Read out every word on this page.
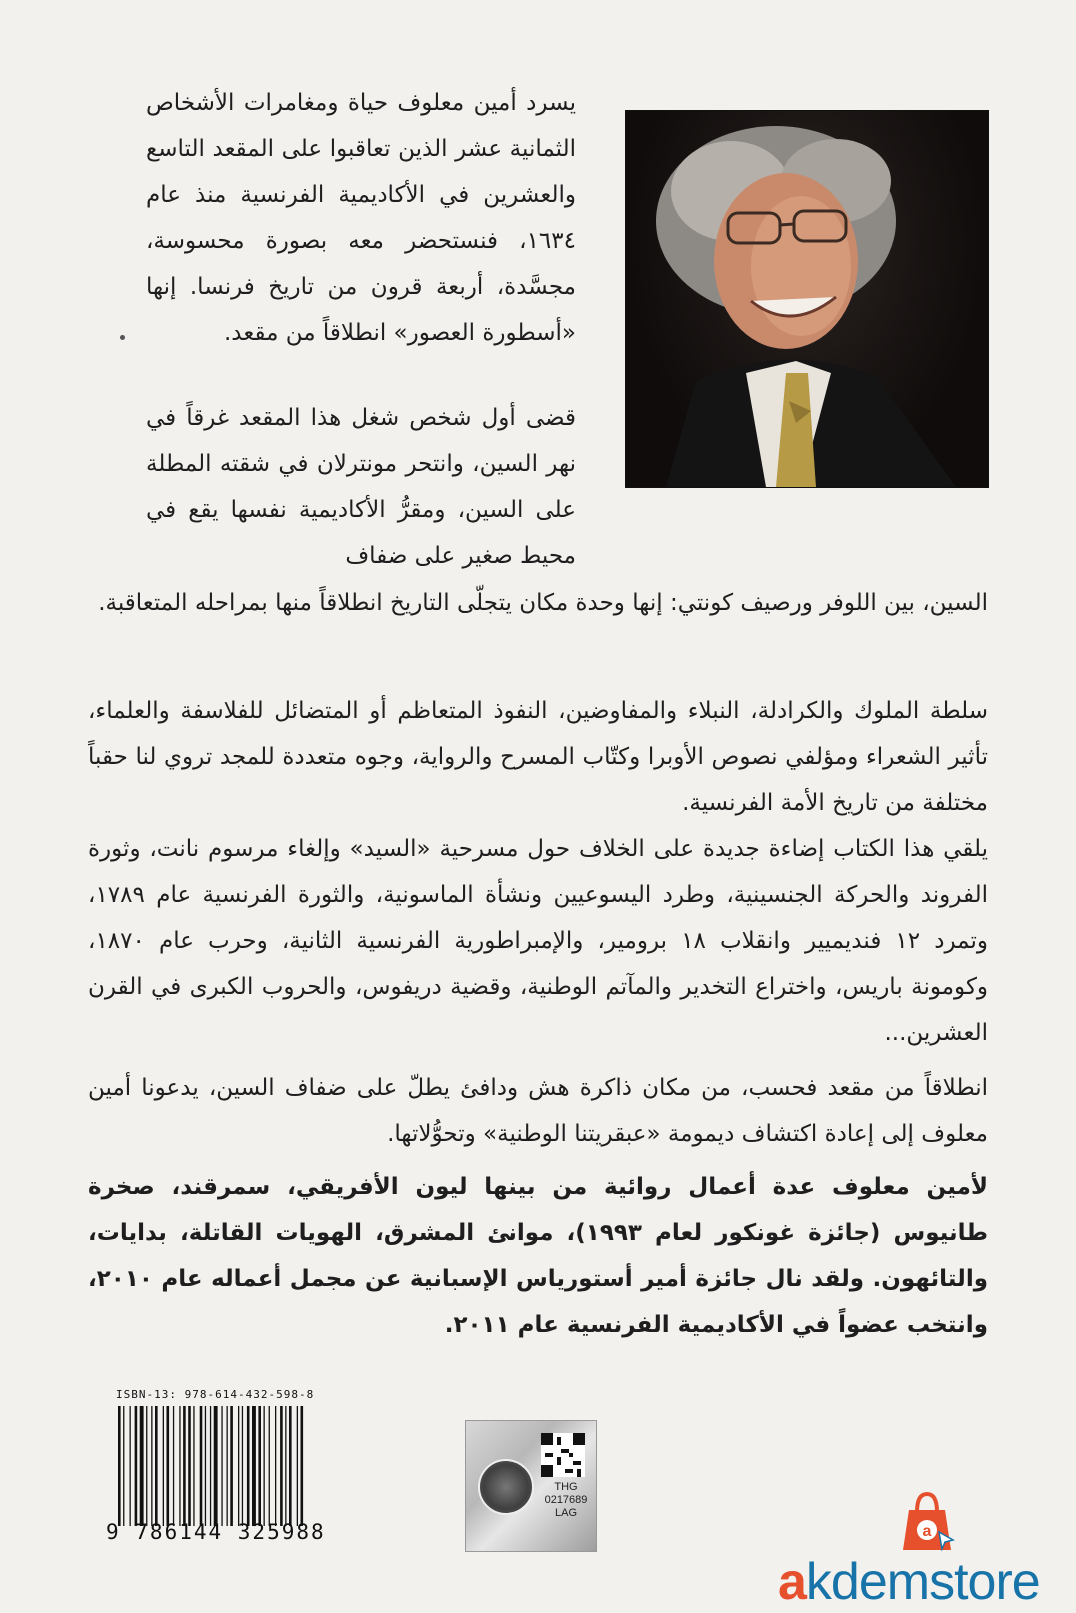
يسرد أمين معلوف حياة ومغامرات الأشخاص الثمانية عشر الذين تعاقبوا على المقعد التاسع والعشرين في الأكاديمية الفرنسية منذ عام ١٦٣٤، فنستحضر معه بصورة محسوسة، مجسَّدة، أربعة قرون من تاريخ فرنسا. إنها «أسطورة العصور» انطلاقاً من مقعد.

قضى أول شخص شغل هذا المقعد غرقاً في نهر السين، وانتحر مونترلان في شقته المطلة على السين، ومقرُّ الأكاديمية نفسها يقع في محيط صغير على ضفاف

السين، بين اللوفر ورصيف كونتي: إنها وحدة مكان يتجلّى التاريخ انطلاقاً منها بمراحله المتعاقبة.

سلطة الملوك والكرادلة، النبلاء والمفاوضين، النفوذ المتعاظم أو المتضائل للفلاسفة والعلماء، تأثير الشعراء ومؤلفي نصوص الأوبرا وكتّاب المسرح والرواية، وجوه متعددة للمجد تروي لنا حقباً مختلفة من تاريخ الأمة الفرنسية.

يلقي هذا الكتاب إضاءة جديدة على الخلاف حول مسرحية «السيد» وإلغاء مرسوم نانت، وثورة الفروند والحركة الجنسينية، وطرد اليسوعيين ونشأة الماسونية، والثورة الفرنسية عام ١٧٨٩، وتمرد ١٢ فنديميير وانقلاب ١٨ برومير، والإمبراطورية الفرنسية الثانية، وحرب عام ١٨٧٠، وكومونة باريس، واختراع التخدير والمآتم الوطنية، وقضية دريفوس، والحروب الكبرى في القرن العشرين...

انطلاقاً من مقعد فحسب، من مكان ذاكرة هش ودافئ يطلّ على ضفاف السين، يدعونا أمين معلوف إلى إعادة اكتشاف ديمومة «عبقريتنا الوطنية» وتحوُّلاتها.

لأمين معلوف عدة أعمال روائية من بينها ليون الأفريقي، سمرقند، صخرة طانيوس (جائزة غونكور لعام ١٩٩٣)، موانئ المشرق، الهويات القاتلة، بدايات، والتائهون. ولقد نال جائزة أمير أستورياس الإسبانية عن مجمل أعماله عام ٢٠١٠، وانتخب عضواً في الأكاديمية الفرنسية عام ٢٠١١.

ISBN-13: 978-614-432-598-8
9 786144 325988
THG
0217689
LAG
a
akdemstore
